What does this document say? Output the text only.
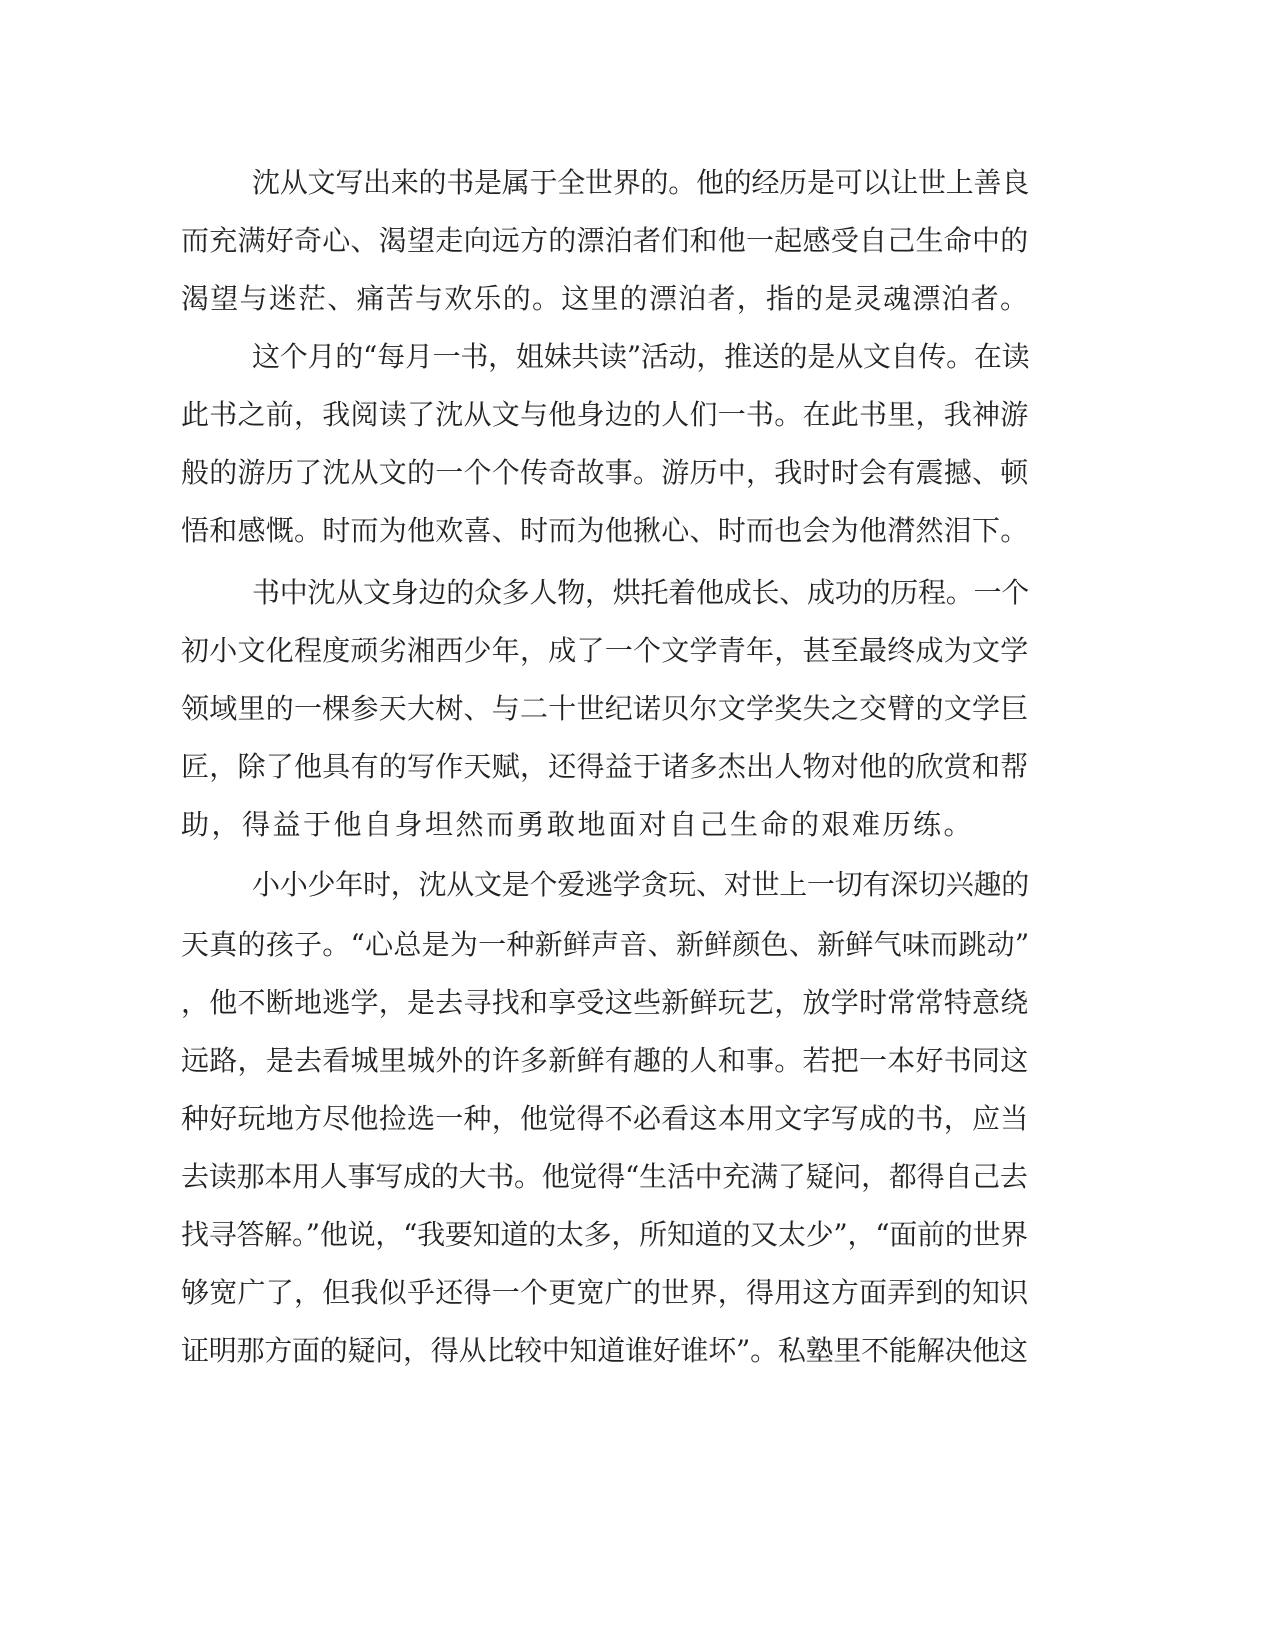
沈从文写出来的书是属于全世界的。他的经历是可以让世上善良
而充满好奇心、渴望走向远方的漂泊者们和他一起感受自己生命中的
渴望与迷茫、痛苦与欢乐的。这里的漂泊者，指的是灵魂漂泊者。
这个月的“每月一书，姐妹共读”活动，推送的是从文自传。在读
此书之前，我阅读了沈从文与他身边的人们一书。在此书里，我神游
般的游历了沈从文的一个个传奇故事。游历中，我时时会有震撼、顿
悟和感慨。时而为他欢喜、时而为他揪心、时而也会为他潸然泪下。
书中沈从文身边的众多人物，烘托着他成长、成功的历程。一个
初小文化程度顽劣湘西少年，成了一个文学青年，甚至最终成为文学
领域里的一棵参天大树、与二十世纪诺贝尔文学奖失之交臂的文学巨
匠，除了他具有的写作天赋，还得益于诸多杰出人物对他的欣赏和帮
助，得益于他自身坦然而勇敢地面对自己生命的艰难历练。
小小少年时，沈从文是个爱逃学贪玩、对世上一切有深切兴趣的
天真的孩子。“心总是为一种新鲜声音、新鲜颜色、新鲜气味而跳动”
，他不断地逃学，是去寻找和享受这些新鲜玩艺，放学时常常特意绕
远路，是去看城里城外的许多新鲜有趣的人和事。若把一本好书同这
种好玩地方尽他捡选一种，他觉得不必看这本用文字写成的书，应当
去读那本用人事写成的大书。他觉得“生活中充满了疑问，都得自己去
找寻答解。”他说，“我要知道的太多，所知道的又太少”，“面前的世界
够宽广了，但我似乎还得一个更宽广的世界，得用这方面弄到的知识
证明那方面的疑问，得从比较中知道谁好谁坏”。私塾里不能解决他这
